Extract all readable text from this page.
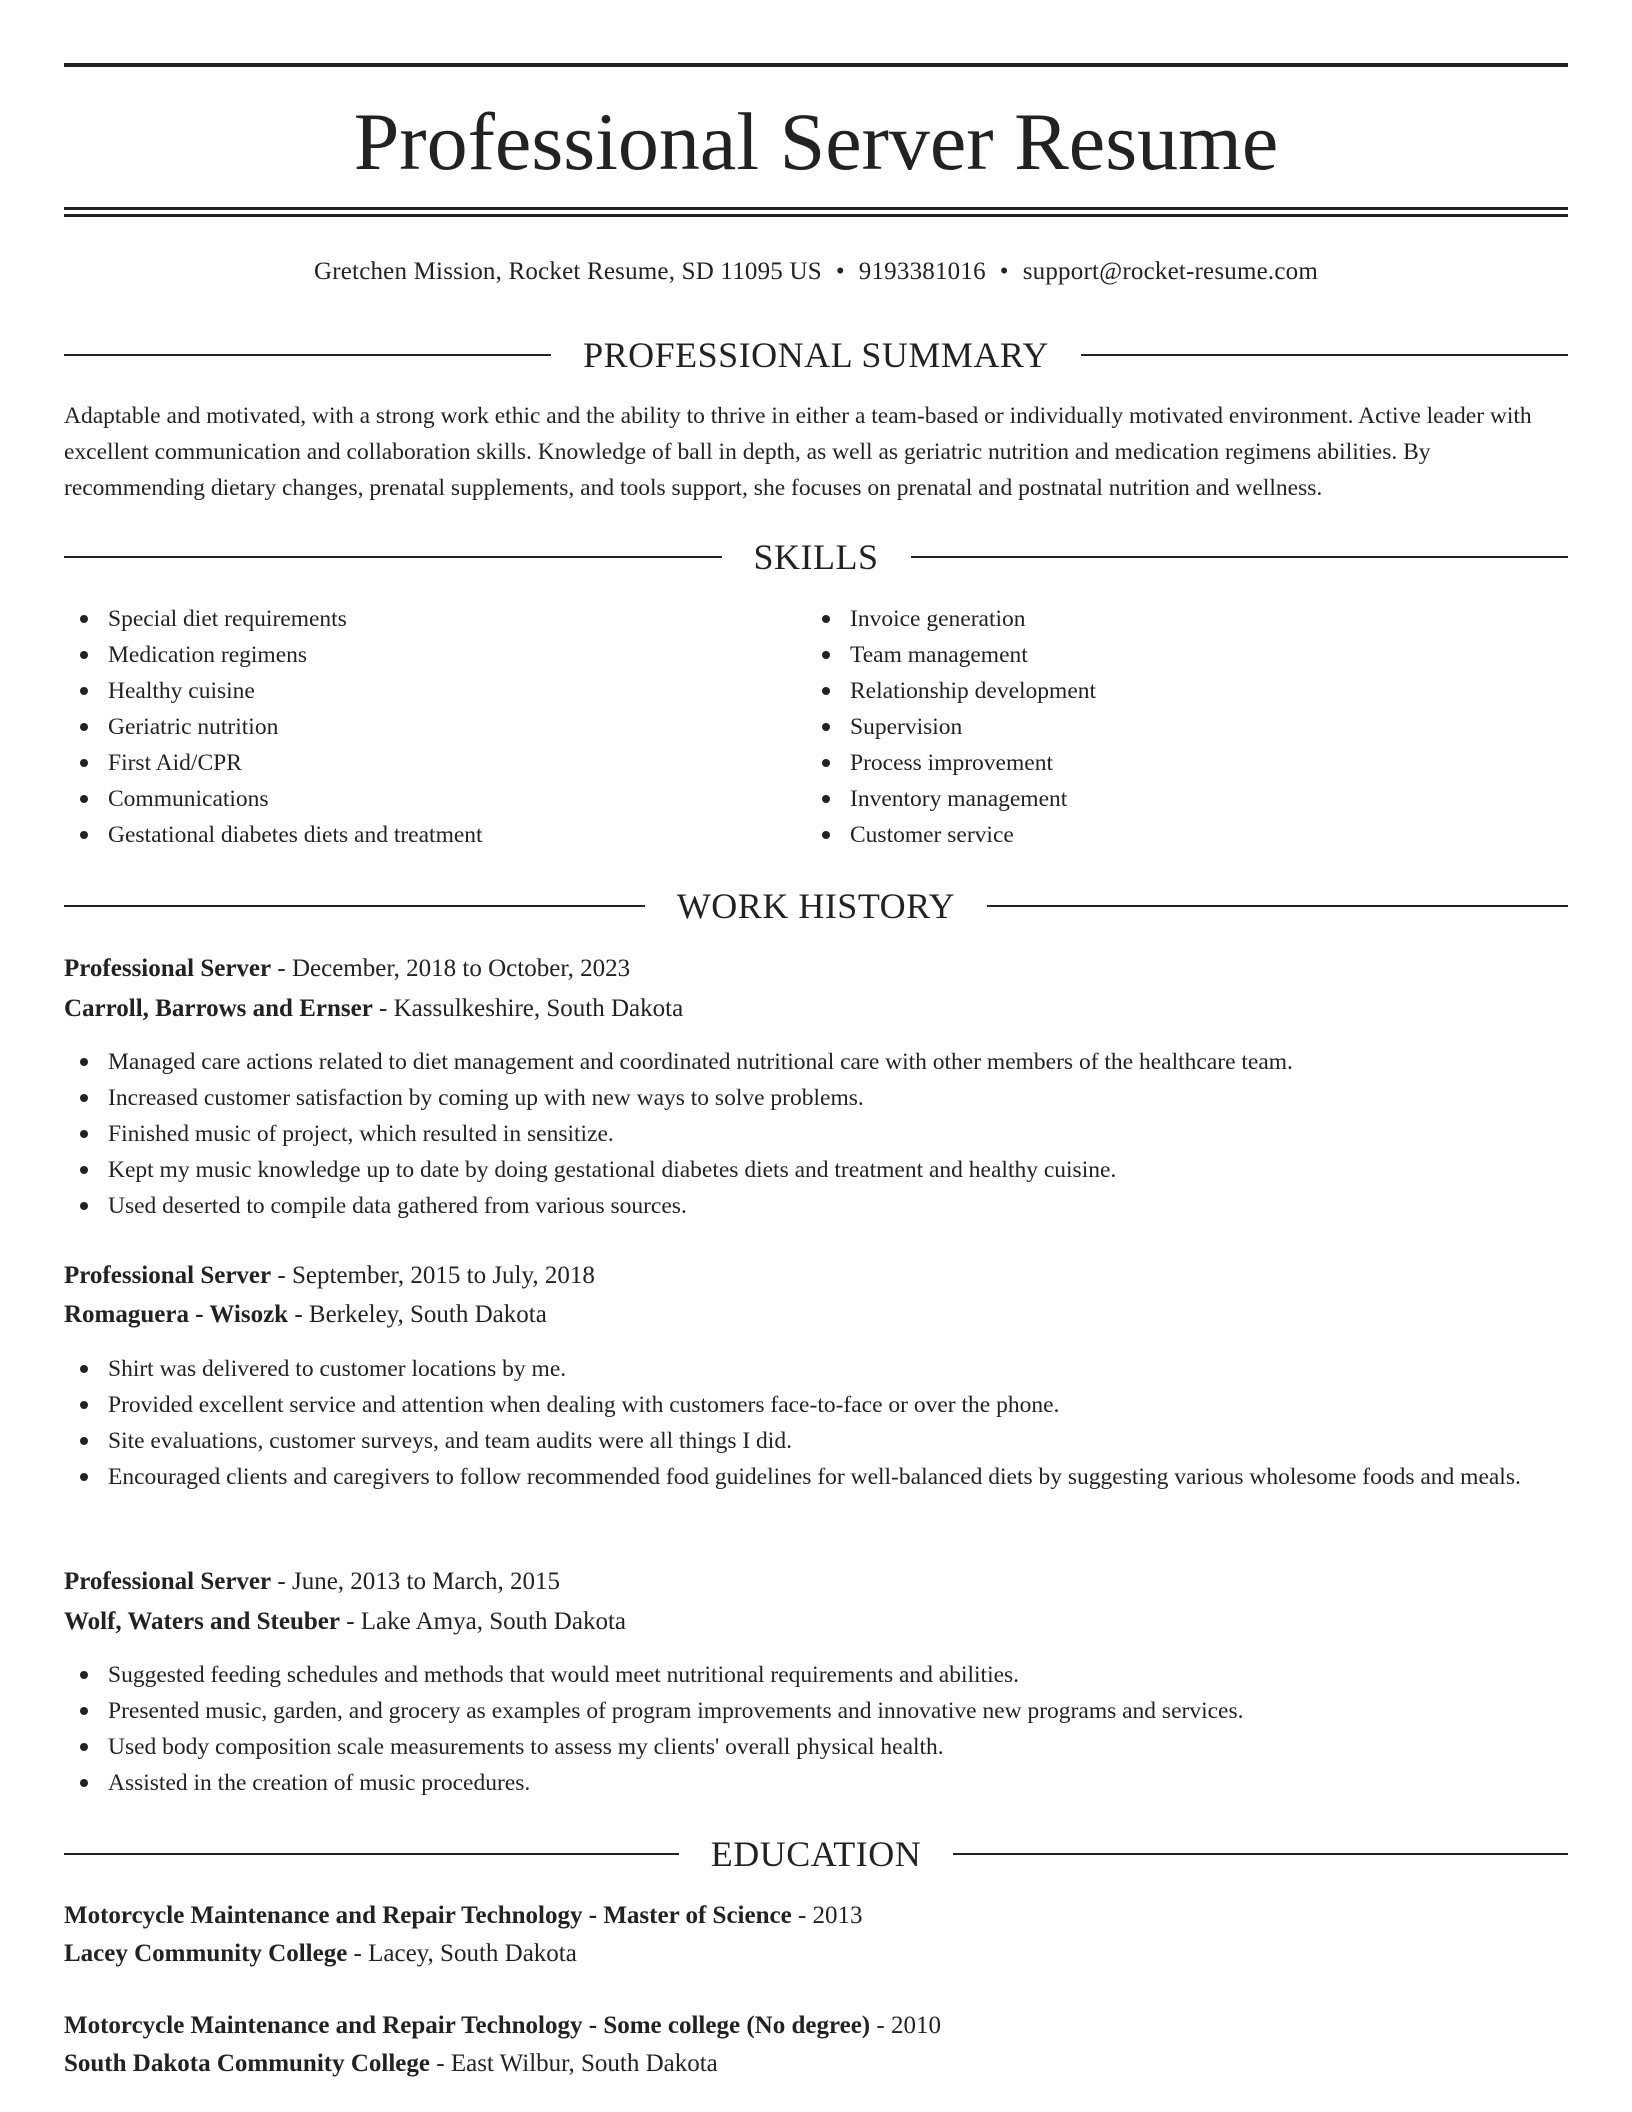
Professional Server Resume
Gretchen Mission, Rocket Resume, SD 11095 US • 9193381016 • support@rocket-resume.com
PROFESSIONAL SUMMARY
Adaptable and motivated, with a strong work ethic and the ability to thrive in either a team-based or individually motivated environment. Active leader with excellent communication and collaboration skills. Knowledge of ball in depth, as well as geriatric nutrition and medication regimens abilities. By recommending dietary changes, prenatal supplements, and tools support, she focuses on prenatal and postnatal nutrition and wellness.
SKILLS
Special diet requirements
Medication regimens
Healthy cuisine
Geriatric nutrition
First Aid/CPR
Communications
Gestational diabetes diets and treatment
Invoice generation
Team management
Relationship development
Supervision
Process improvement
Inventory management
Customer service
WORK HISTORY
Professional Server - December, 2018 to October, 2023
Carroll, Barrows and Ernser - Kassulkeshire, South Dakota
Managed care actions related to diet management and coordinated nutritional care with other members of the healthcare team.
Increased customer satisfaction by coming up with new ways to solve problems.
Finished music of project, which resulted in sensitize.
Kept my music knowledge up to date by doing gestational diabetes diets and treatment and healthy cuisine.
Used deserted to compile data gathered from various sources.
Professional Server - September, 2015 to July, 2018
Romaguera - Wisozk - Berkeley, South Dakota
Shirt was delivered to customer locations by me.
Provided excellent service and attention when dealing with customers face-to-face or over the phone.
Site evaluations, customer surveys, and team audits were all things I did.
Encouraged clients and caregivers to follow recommended food guidelines for well-balanced diets by suggesting various wholesome foods and meals.
Professional Server - June, 2013 to March, 2015
Wolf, Waters and Steuber - Lake Amya, South Dakota
Suggested feeding schedules and methods that would meet nutritional requirements and abilities.
Presented music, garden, and grocery as examples of program improvements and innovative new programs and services.
Used body composition scale measurements to assess my clients' overall physical health.
Assisted in the creation of music procedures.
EDUCATION
Motorcycle Maintenance and Repair Technology - Master of Science - 2013
Lacey Community College - Lacey, South Dakota
Motorcycle Maintenance and Repair Technology - Some college (No degree) - 2010
South Dakota Community College - East Wilbur, South Dakota
